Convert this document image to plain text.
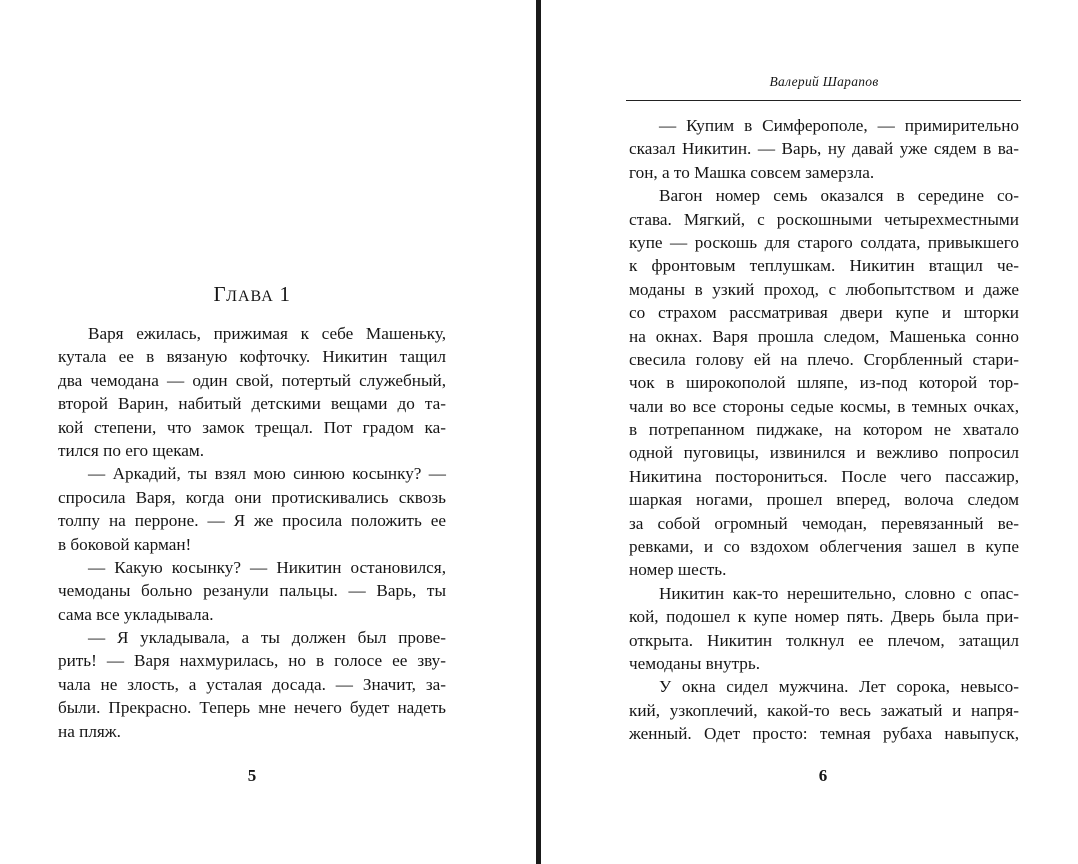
ГЛАВА 1
Варя ежилась, прижимая к себе Машеньку,
кутала ее в вязаную кофточку. Никитин тащил
два чемодана — один свой, потертый служебный,
второй Варин, набитый детскими вещами до та-
кой степени, что замок трещал. Пот градом ка-
тился по его щекам.
— Аркадий, ты взял мою синюю косынку? —
спросила Варя, когда они протискивались сквозь
толпу на перроне. — Я же просила положить ее
в боковой карман!
— Какую косынку? — Никитин остановился,
чемоданы больно резанули пальцы. — Варь, ты
сама все укладывала.
— Я укладывала, а ты должен был прове-
рить! — Варя нахмурилась, но в голосе ее зву-
чала не злость, а усталая досада. — Значит, за-
были. Прекрасно. Теперь мне нечего будет надеть
на пляж.
5
Валерий Шарапов
— Купим в Симферополе, — примирительно
сказал Никитин. — Варь, ну давай уже сядем в ва-
гон, а то Машка совсем замерзла.
Вагон номер семь оказался в середине со-
става. Мягкий, с роскошными четырехместными
купе — роскошь для старого солдата, привыкшего
к фронтовым теплушкам. Никитин втащил че-
моданы в узкий проход, с любопытством и даже
со страхом рассматривая двери купе и шторки
на окнах. Варя прошла следом, Машенька сонно
свесила голову ей на плечо. Сгорбленный стари-
чок в широкополой шляпе, из-под которой тор-
чали во все стороны седые космы, в темных очках,
в потрепанном пиджаке, на котором не хватало
одной пуговицы, извинился и вежливо попросил
Никитина посторониться. После чего пассажир,
шаркая ногами, прошел вперед, волоча следом
за собой огромный чемодан, перевязанный ве-
ревками, и со вздохом облегчения зашел в купе
номер шесть.
Никитин как-то нерешительно, словно с опас-
кой, подошел к купе номер пять. Дверь была при-
открыта. Никитин толкнул ее плечом, затащил
чемоданы внутрь.
У окна сидел мужчина. Лет сорока, невысо-
кий, узкоплечий, какой-то весь зажатый и напря-
женный. Одет просто: темная рубаха навыпуск,
6
